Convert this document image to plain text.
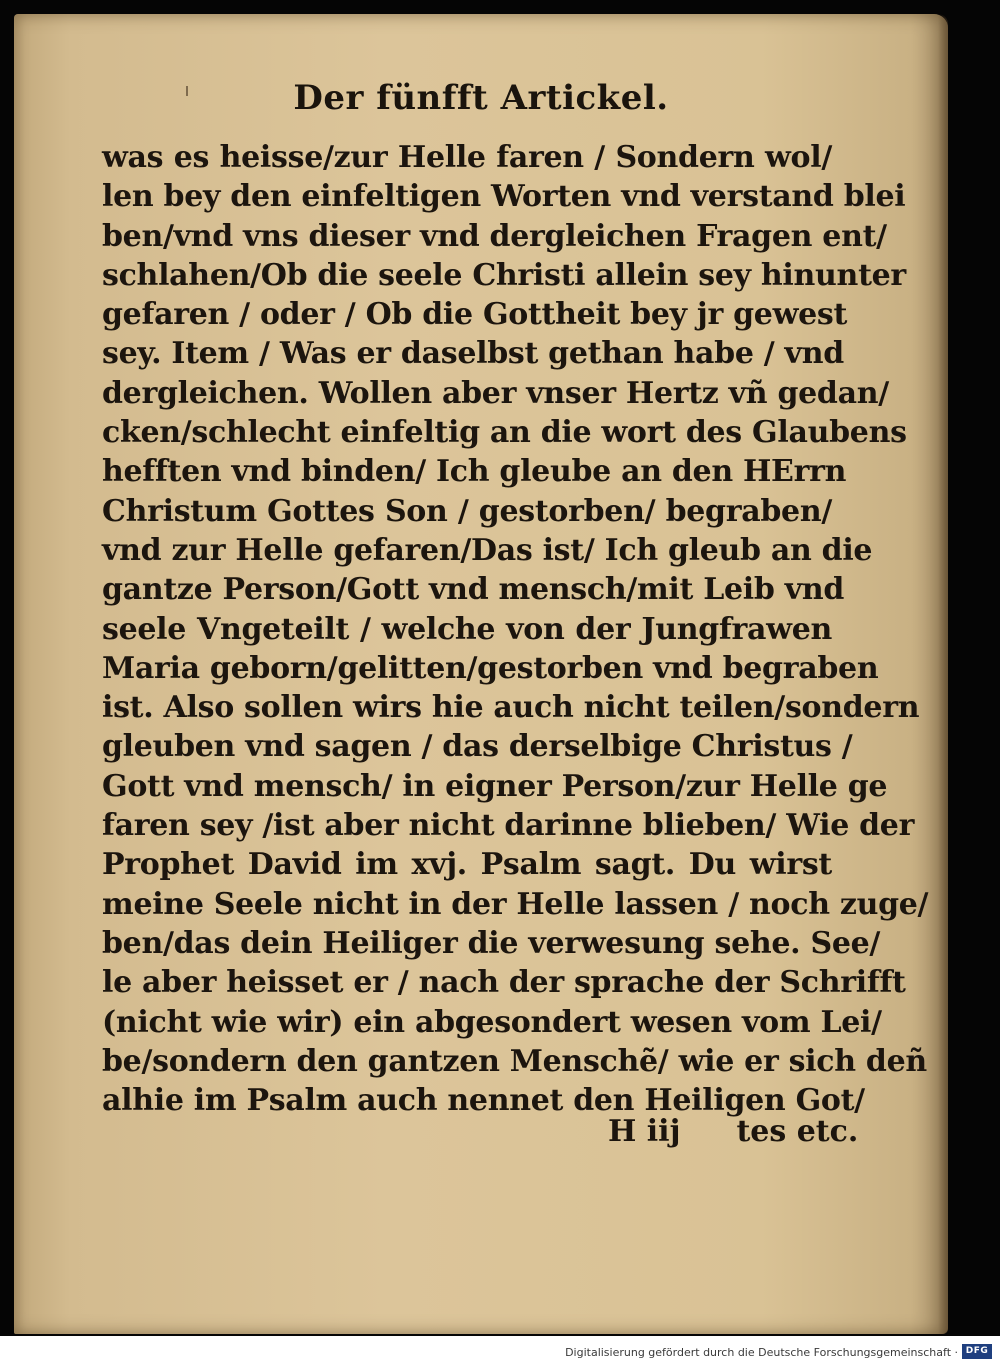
Der fünfft Artickel.
was es heisse/zur Helle faren / Sondern wol/
len bey den einfeltigen Worten vnd verstand blei
ben/vnd vns dieser vnd dergleichen Fragen ent/
schlahen/Ob die seele Christi allein sey hinunter
gefaren / oder / Ob die Gottheit bey jr gewest
sey. Item / Was er daselbst gethan habe / vnd
dergleichen. Wollen aber vnser Hertz vñ gedan/
cken/schlecht einfeltig an die wort des Glaubens
hefften vnd binden/ Ich gleube an den HErrn
Christum Gottes Son / gestorben/ begraben/
vnd zur Helle gefaren/Das ist/ Ich gleub an die
gantze Person/Gott vnd mensch/mit Leib vnd
seele Vngeteilt / welche von der Jungfrawen
Maria geborn/gelitten/gestorben vnd begraben
ist. Also sollen wirs hie auch nicht teilen/sondern
gleuben vnd sagen / das derselbige Christus /
Gott vnd mensch/ in eigner Person/zur Helle ge
faren sey /ist aber nicht darinne blieben/ Wie der
Prophet David im xvj. Psalm sagt. Du wirst
meine Seele nicht in der Helle lassen / noch zuge/
ben/das dein Heiliger die verwesung sehe. See/
le aber heisset er / nach der sprache der Schrifft
(nicht wie wir) ein abgesondert wesen vom Lei/
be/sondern den gantzen Menschẽ/ wie er sich deñ
alhie im Psalm auch nennet den Heiligen Got/
H iij tes etc.
Digitalisierung gefördert durch die Deutsche Forschungsgemeinschaft · DFG
